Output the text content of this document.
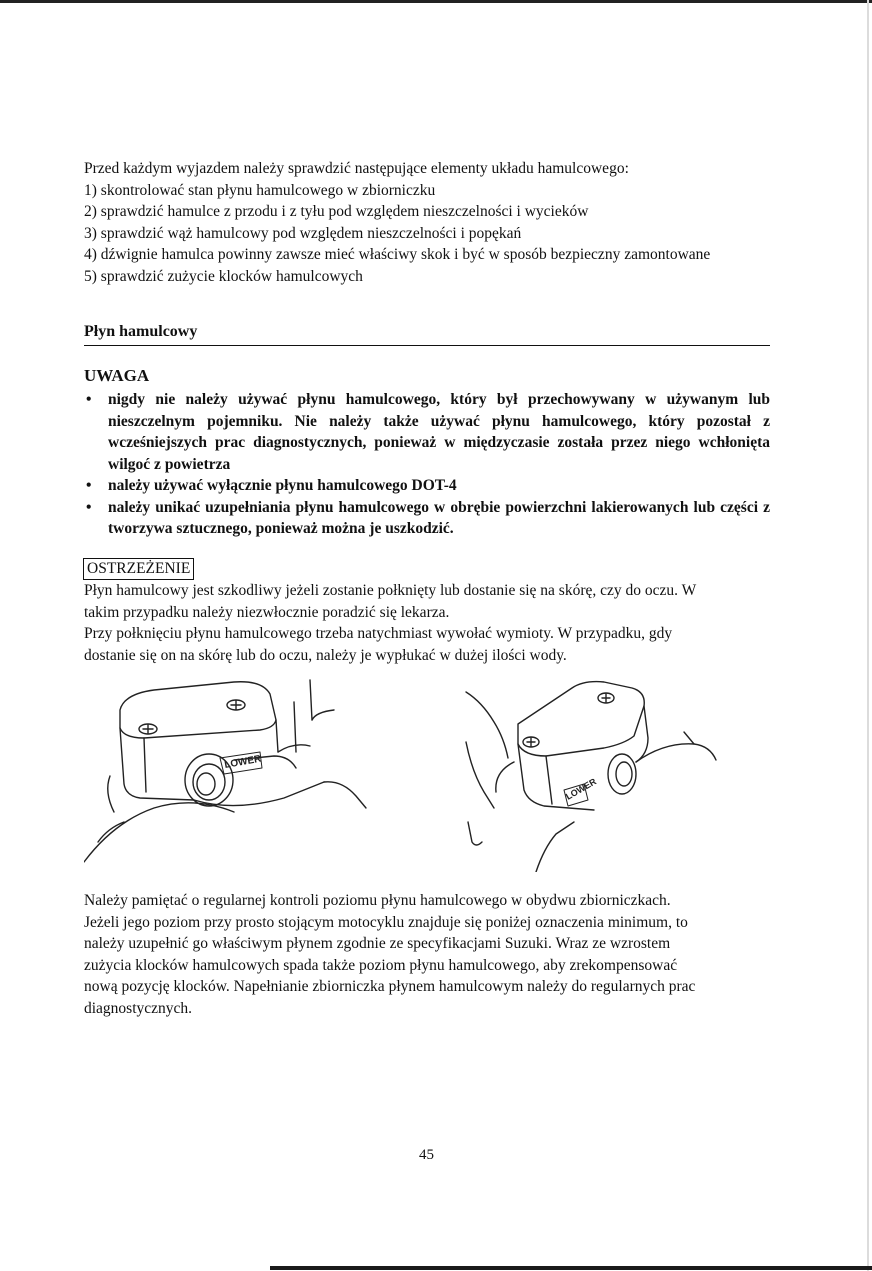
Przed każdym wyjazdem należy sprawdzić następujące elementy układu hamulcowego:
1) skontrolować stan płynu hamulcowego w zbiorniczku
2) sprawdzić hamulce z przodu i z tyłu pod względem nieszczelności i wycieków
3) sprawdzić wąż hamulcowy pod względem nieszczelności i popękań
4) dźwignie hamulca powinny zawsze mieć właściwy skok i być w sposób bezpieczny zamontowane
5) sprawdzić zużycie klocków hamulcowych
Płyn hamulcowy
UWAGA
• nigdy nie należy używać płynu hamulcowego, który był przechowywany w używanym lub nieszczelnym pojemniku. Nie należy także używać płynu hamulcowego, który pozostał z wcześniejszych prac diagnostycznych, ponieważ w międzyczasie została przez niego wchłonięta wilgoć z powietrza
• należy używać wyłącznie płynu hamulcowego DOT-4
• należy unikać uzupełniania płynu hamulcowego w obrębie powierzchni lakierowanych lub części z tworzywa sztucznego, ponieważ można je uszkodzić.
OSTRZEŻENIE
Płyn hamulcowy jest szkodliwy jeżeli zostanie połknięty lub dostanie się na skórę, czy do oczu. W
takim przypadku należy niezwłocznie poradzić się lekarza.
Przy połknięciu płynu hamulcowego trzeba natychmiast wywołać wymioty. W przypadku, gdy
dostanie się on na skórę lub do oczu, należy je wypłukać w dużej ilości wody.
LOWER
LOWER
Należy pamiętać o regularnej kontroli poziomu płynu hamulcowego w obydwu zbiorniczkach.
Jeżeli jego poziom przy prosto stojącym motocyklu znajduje się poniżej oznaczenia minimum, to
należy uzupełnić go właściwym płynem zgodnie ze specyfikacjami Suzuki. Wraz ze wzrostem
zużycia klocków hamulcowych spada także poziom płynu hamulcowego, aby zrekompensować
nową pozycję klocków. Napełnianie zbiorniczka płynem hamulcowym należy do regularnych prac
diagnostycznych.
45
